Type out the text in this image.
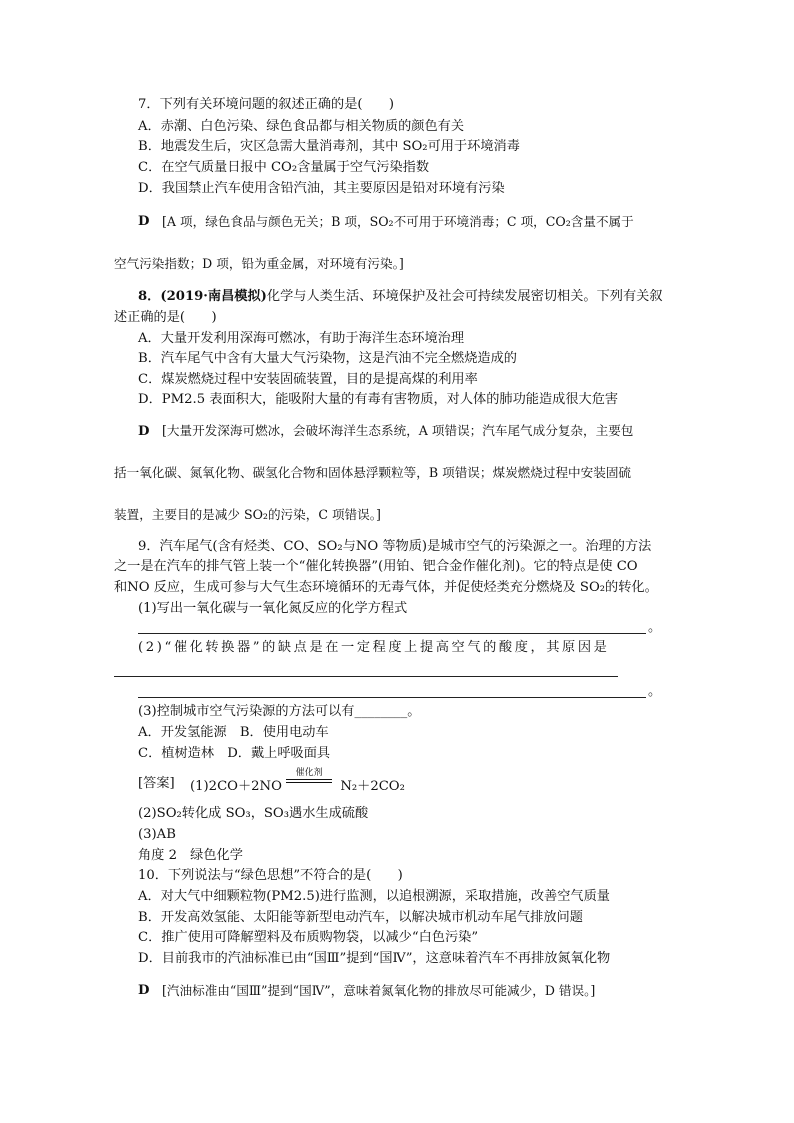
7．下列有关环境问题的叙述正确的是(　　)
A．赤潮、白色污染、绿色食品都与相关物质的颜色有关
B．地震发生后，灾区急需大量消毒剂，其中 SO₂可用于环境消毒
C．在空气质量日报中 CO₂含量属于空气污染指数
D．我国禁止汽车使用含铅汽油，其主要原因是铅对环境有污染
D [A 项，绿色食品与颜色无关；B 项，SO₂不可用于环境消毒；C 项，CO₂含量不属于
空气污染指数；D 项，铅为重金属，对环境有污染。]
8．(2019·南昌模拟)化学与人类生活、环境保护及社会可持续发展密切相关。下列有关叙
述正确的是(　　)
A．大量开发利用深海可燃冰，有助于海洋生态环境治理
B．汽车尾气中含有大量大气污染物，这是汽油不完全燃烧造成的
C．煤炭燃烧过程中安装固硫装置，目的是提高煤的利用率
D．PM2.5 表面积大，能吸附大量的有毒有害物质，对人体的肺功能造成很大危害
D [大量开发深海可燃冰，会破坏海洋生态系统，A 项错误；汽车尾气成分复杂，主要包
括一氧化碳、氮氧化物、碳氢化合物和固体悬浮颗粒等，B 项错误；煤炭燃烧过程中安装固硫
装置，主要目的是减少 SO₂的污染，C 项错误。]
9．汽车尾气(含有烃类、CO、SO₂与NO 等物质)是城市空气的污染源之一。治理的方法
之一是在汽车的排气管上装一个“催化转换器”(用铂、钯合金作催化剂)。它的特点是使 CO
和NO 反应，生成可参与大气生态环境循环的无毒气体，并促使烃类充分燃烧及 SO₂的转化。
(1)写出一氧化碳与一氧化氮反应的化学方程式
。
(2)“催化转换器”的缺点是在一定程度上提高空气的酸度，其原因是
。
(3)控制城市空气污染源的方法可以有________。
A．开发氢能源　B．使用电动车
C．植树造林　D．戴上呼吸面具
[答案] (1)2CO＋2NO
催化剂
N₂＋2CO₂
(2)SO₂转化成 SO₃，SO₃遇水生成硫酸
(3)AB
角度 2　绿色化学
10．下列说法与“绿色思想”不符合的是(　　)
A．对大气中细颗粒物(PM2.5)进行监测，以追根溯源，采取措施，改善空气质量
B．开发高效氢能、太阳能等新型电动汽车，以解决城市机动车尾气排放问题
C．推广使用可降解塑料及布质购物袋，以减少“白色污染”
D．目前我市的汽油标准已由“国Ⅲ”提到“国Ⅳ”，这意味着汽车不再排放氮氧化物
D [汽油标准由“国Ⅲ”提到“国Ⅳ”，意味着氮氧化物的排放尽可能减少，D 错误。]
